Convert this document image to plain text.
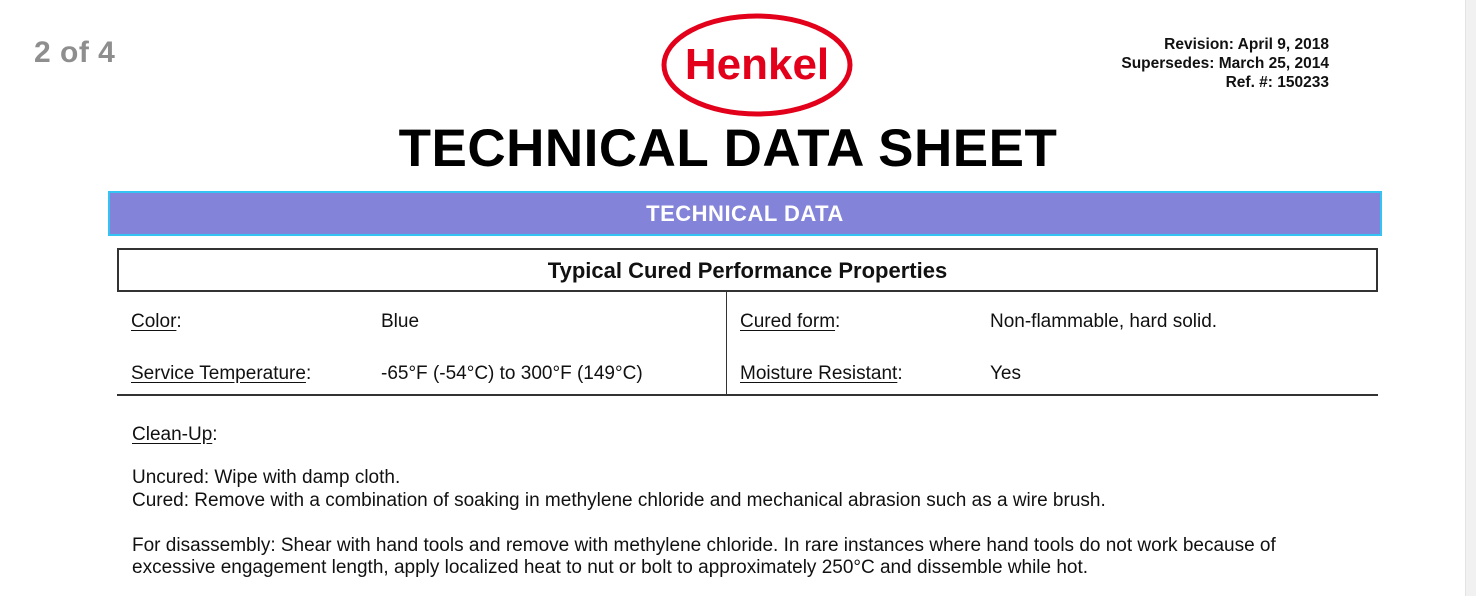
2 of 4	Henkel	Revision: April 9, 2018
Supersedes: March 25, 2014
Ref. #: 150233
TECHNICAL DATA SHEET
TECHNICAL DATA
Typical Cured Performance Properties
Color:	Blue	Cured form:	Non-flammable, hard solid.
Service Temperature:	-65°F (-54°C) to 300°F (149°C)	Moisture Resistant:	Yes
Clean-Up:
Uncured: Wipe with damp cloth.
Cured: Remove with a combination of soaking in methylene chloride and mechanical abrasion such as a wire brush.
For disassembly: Shear with hand tools and remove with methylene chloride. In rare instances where hand tools do not work because of
excessive engagement length, apply localized heat to nut or bolt to approximately 250°C and dissemble while hot.
